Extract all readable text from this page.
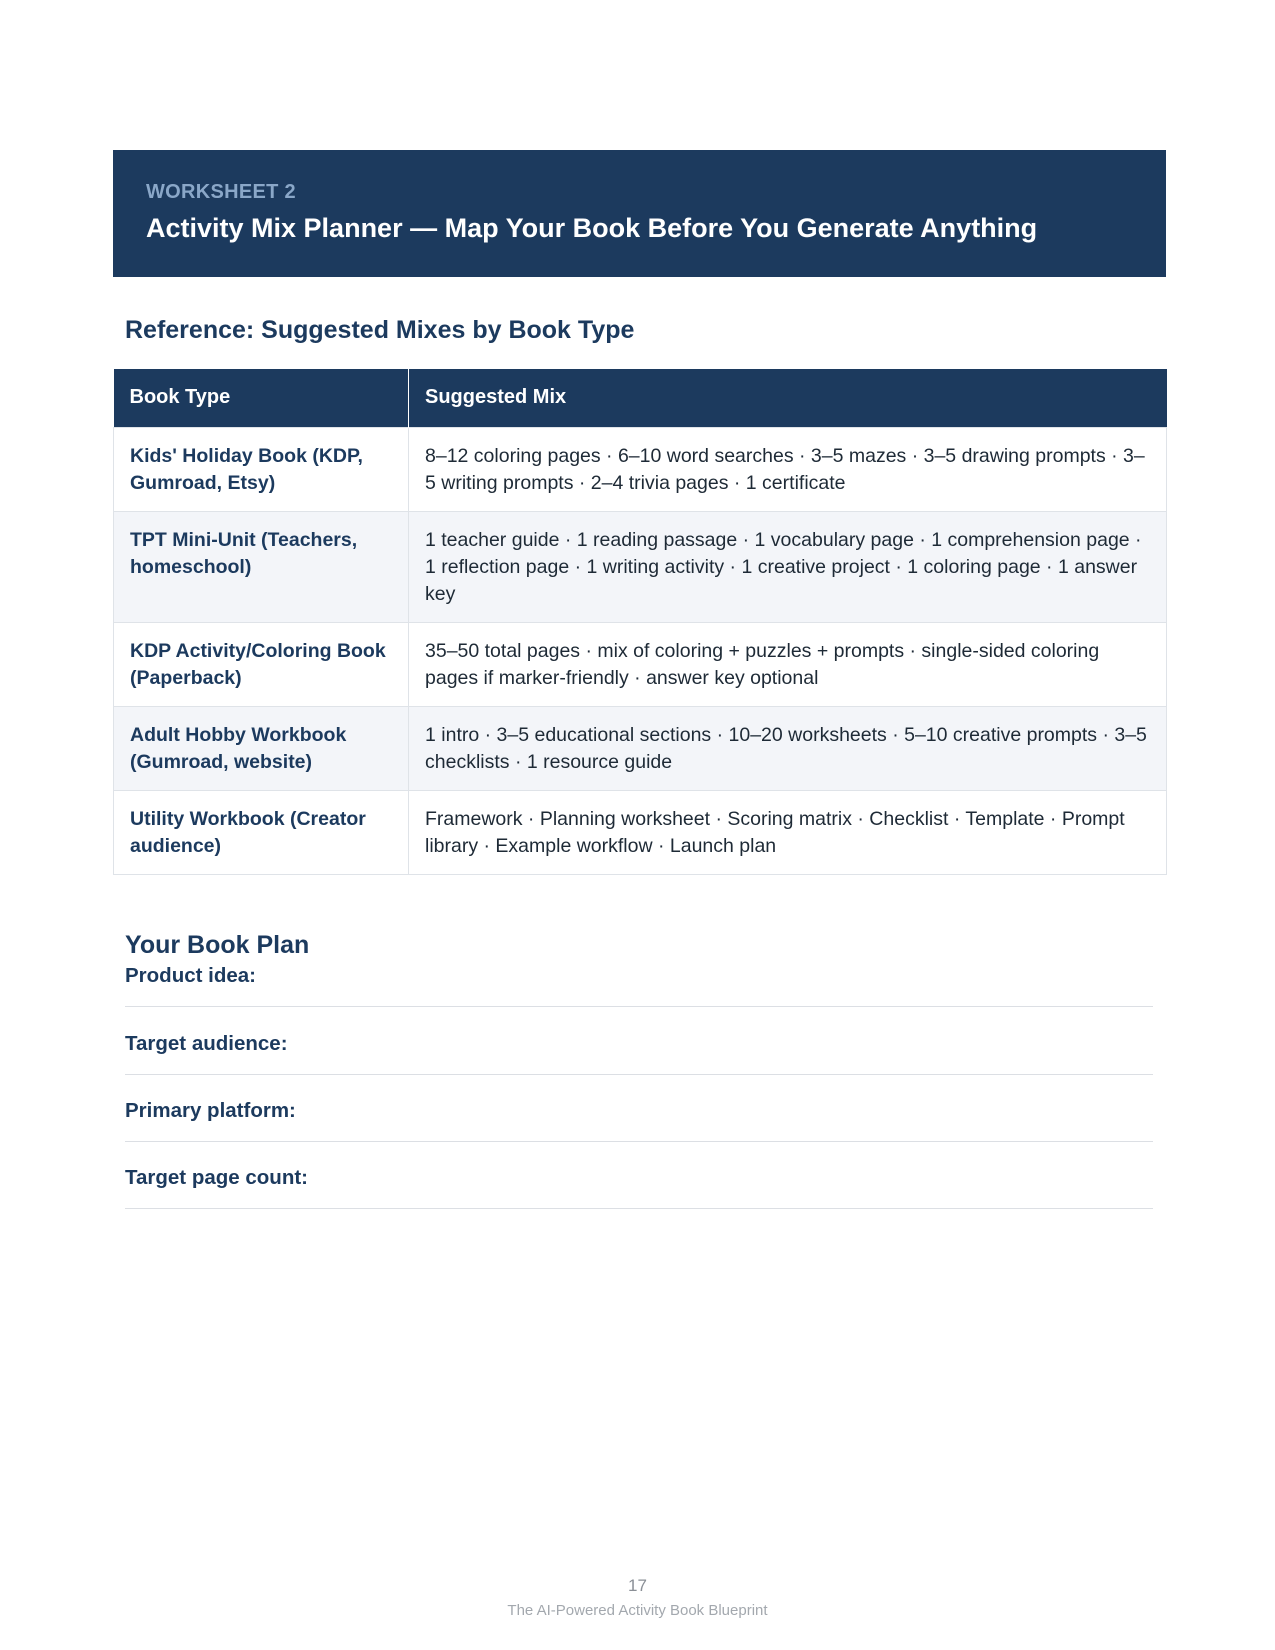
WORKSHEET 2
Activity Mix Planner — Map Your Book Before You Generate Anything
Reference: Suggested Mixes by Book Type
Book Type	Suggested Mix
Kids' Holiday Book (KDP, Gumroad, Etsy)	8–12 coloring pages · 6–10 word searches · 3–5 mazes · 3–5 drawing prompts · 3–5 writing prompts · 2–4 trivia pages · 1 certificate
TPT Mini-Unit (Teachers, homeschool)	1 teacher guide · 1 reading passage · 1 vocabulary page · 1 comprehension page · 1 reflection page · 1 writing activity · 1 creative project · 1 coloring page · 1 answer key
KDP Activity/Coloring Book (Paperback)	35–50 total pages · mix of coloring + puzzles + prompts · single-sided coloring pages if marker-friendly · answer key optional
Adult Hobby Workbook (Gumroad, website)	1 intro · 3–5 educational sections · 10–20 worksheets · 5–10 creative prompts · 3–5 checklists · 1 resource guide
Utility Workbook (Creator audience)	Framework · Planning worksheet · Scoring matrix · Checklist · Template · Prompt library · Example workflow · Launch plan
Your Book Plan
Product idea:
Target audience:
Primary platform:
Target page count:
17
The AI-Powered Activity Book Blueprint
